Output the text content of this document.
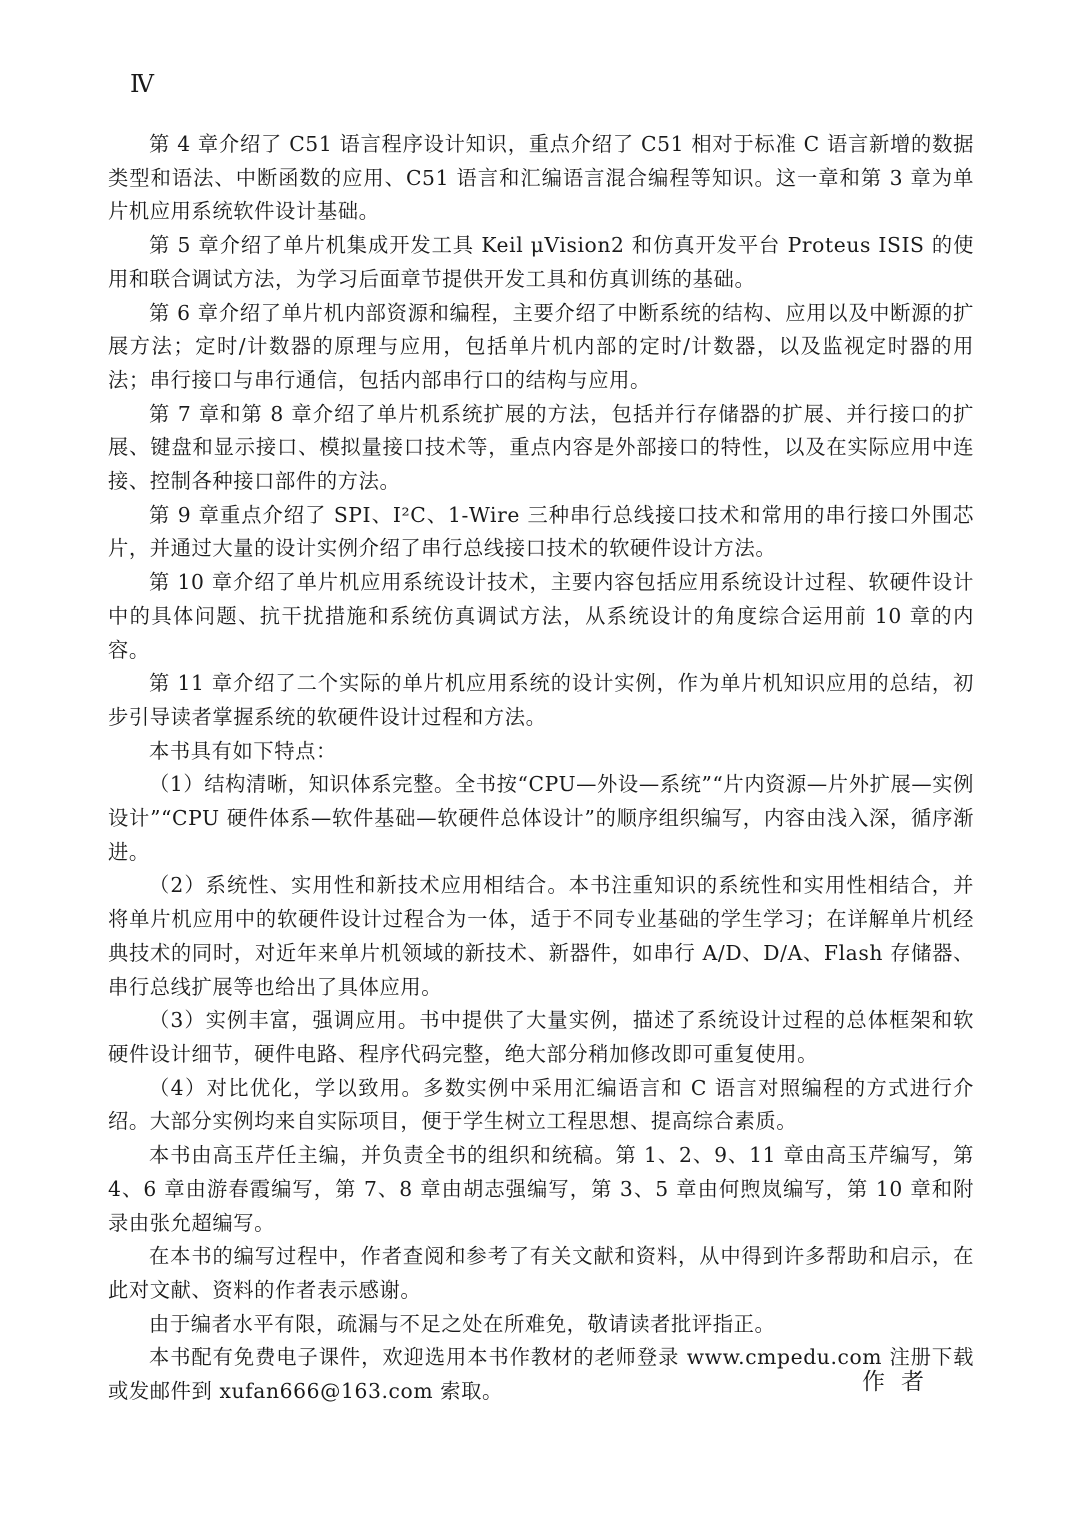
Ⅳ

第 4 章介绍了 C51 语言程序设计知识，重点介绍了 C51 相对于标准 C 语言新增的数据类型和语法、中断函数的应用、C51 语言和汇编语言混合编程等知识。这一章和第 3 章为单片机应用系统软件设计基础。

第 5 章介绍了单片机集成开发工具 Keil μVision2 和仿真开发平台 Proteus ISIS 的使用和联合调试方法，为学习后面章节提供开发工具和仿真训练的基础。

第 6 章介绍了单片机内部资源和编程，主要介绍了中断系统的结构、应用以及中断源的扩展方法；定时/计数器的原理与应用，包括单片机内部的定时/计数器，以及监视定时器的用法；串行接口与串行通信，包括内部串行口的结构与应用。

第 7 章和第 8 章介绍了单片机系统扩展的方法，包括并行存储器的扩展、并行接口的扩展、键盘和显示接口、模拟量接口技术等，重点内容是外部接口的特性，以及在实际应用中连接、控制各种接口部件的方法。

第 9 章重点介绍了 SPI、I²C、1-Wire 三种串行总线接口技术和常用的串行接口外围芯片，并通过大量的设计实例介绍了串行总线接口技术的软硬件设计方法。

第 10 章介绍了单片机应用系统设计技术，主要内容包括应用系统设计过程、软硬件设计中的具体问题、抗干扰措施和系统仿真调试方法，从系统设计的角度综合运用前 10 章的内容。

第 11 章介绍了二个实际的单片机应用系统的设计实例，作为单片机知识应用的总结，初步引导读者掌握系统的软硬件设计过程和方法。

本书具有如下特点：

（1）结构清晰，知识体系完整。全书按“CPU—外设—系统”“片内资源—片外扩展—实例设计”“CPU 硬件体系—软件基础—软硬件总体设计”的顺序组织编写，内容由浅入深，循序渐进。

（2）系统性、实用性和新技术应用相结合。本书注重知识的系统性和实用性相结合，并将单片机应用中的软硬件设计过程合为一体，适于不同专业基础的学生学习；在详解单片机经典技术的同时，对近年来单片机领域的新技术、新器件，如串行 A/D、D/A、Flash 存储器、串行总线扩展等也给出了具体应用。

（3）实例丰富，强调应用。书中提供了大量实例，描述了系统设计过程的总体框架和软硬件设计细节，硬件电路、程序代码完整，绝大部分稍加修改即可重复使用。

（4）对比优化，学以致用。多数实例中采用汇编语言和 C 语言对照编程的方式进行介绍。大部分实例均来自实际项目，便于学生树立工程思想、提高综合素质。

本书由高玉芹任主编，并负责全书的组织和统稿。第 1、2、9、11 章由高玉芹编写，第 4、6 章由游春霞编写，第 7、8 章由胡志强编写，第 3、5 章由何煦岚编写，第 10 章和附录由张允超编写。

在本书的编写过程中，作者查阅和参考了有关文献和资料，从中得到许多帮助和启示，在此对文献、资料的作者表示感谢。

由于编者水平有限，疏漏与不足之处在所难免，敬请读者批评指正。

本书配有免费电子课件，欢迎选用本书作教材的老师登录 www.cmpedu.com 注册下载或发邮件到 xufan666@163.com 索取。	作者
